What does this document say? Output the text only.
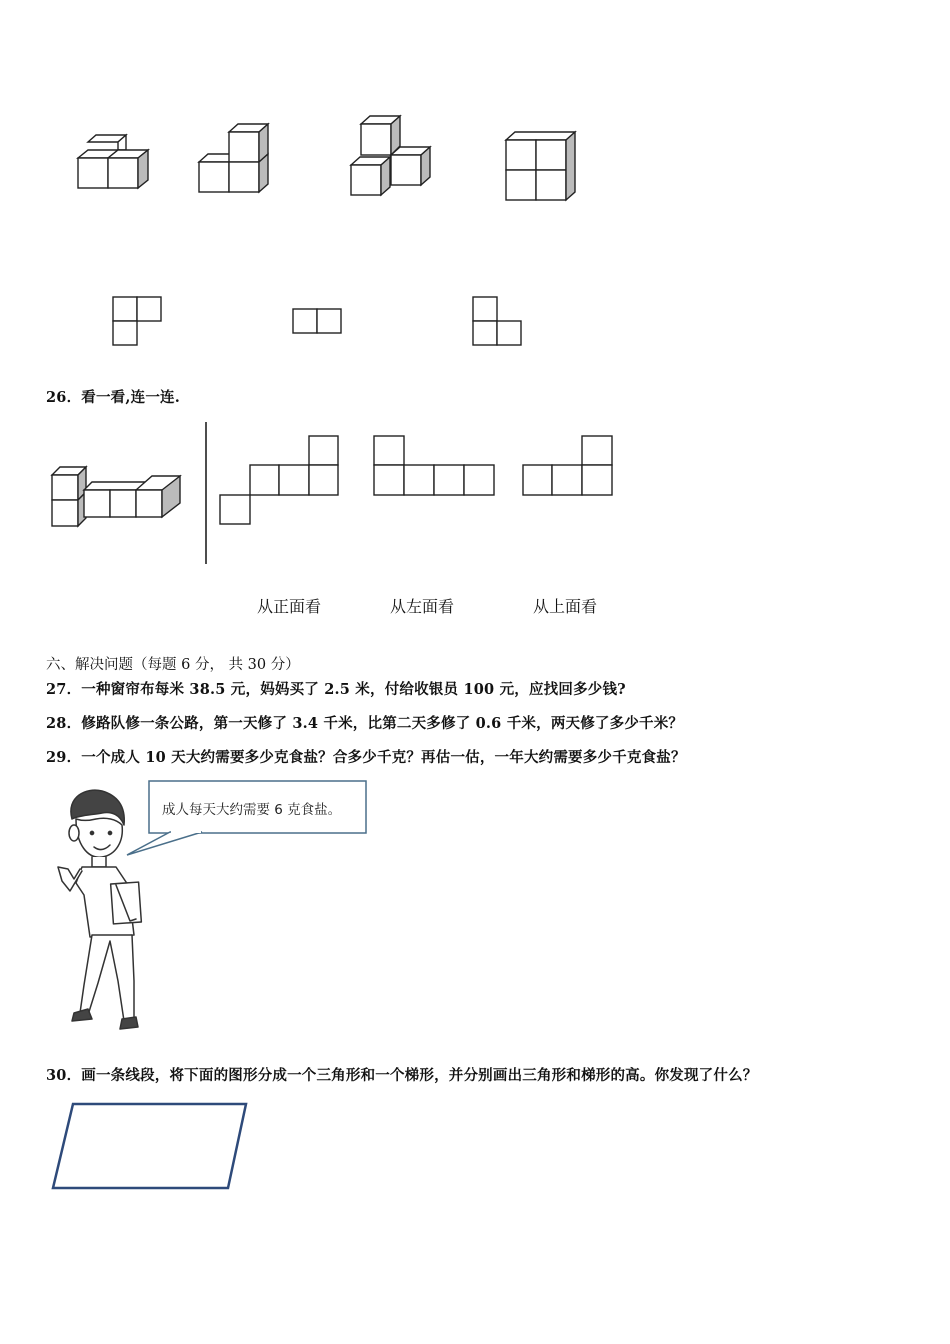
26．看一看,连一连.
从正面看	从左面看	从上面看
六、解决问题（每题 6 分， 共 30 分）
27．一种窗帘布每米 38.5 元，妈妈买了 2.5 米，付给收银员 100 元，应找回多少钱?
28．修路队修一条公路，第一天修了 3.4 千米，比第二天多修了 0.6 千米，两天修了多少千米？
29．一个成人 10 天大约需要多少克食盐？合多少千克？再估一估，一年大约需要多少千克食盐？
成人每天大约需要 6 克食盐。
30．画一条线段，将下面的图形分成一个三角形和一个梯形，并分别画出三角形和梯形的高。你发现了什么？
